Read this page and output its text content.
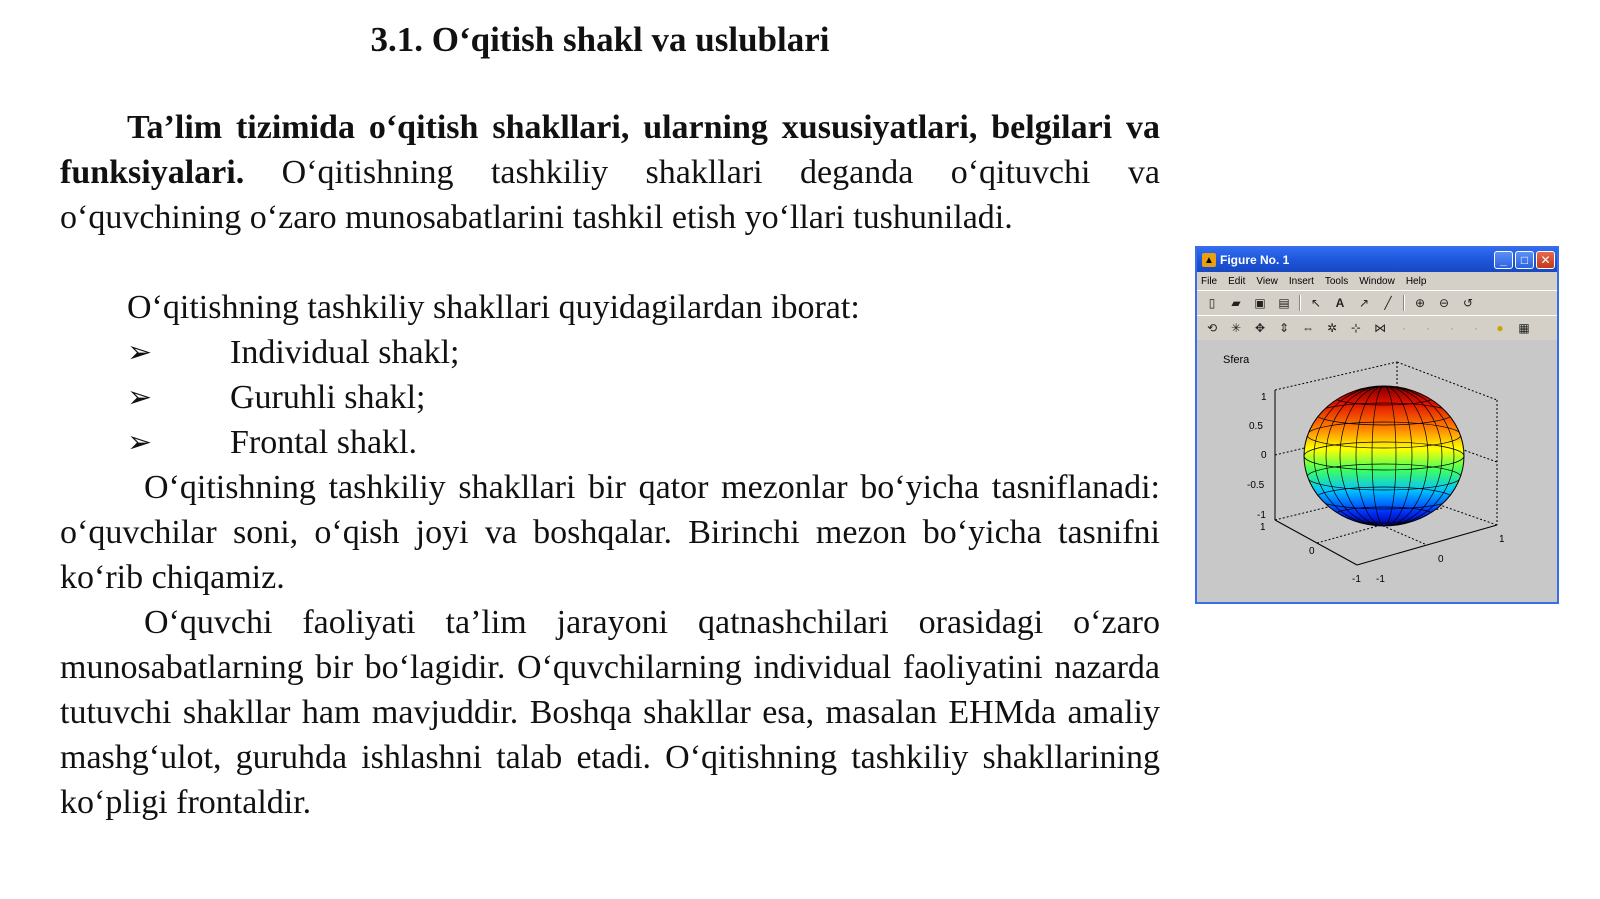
3.1. O‘qitish shakl va uslublari

Ta’lim tizimida o‘qitish shakllari, ularning xususiyatlari, belgilari va funksiyalari. O‘qitishning tashkiliy shakllari deganda o‘qituvchi va o‘quvchining o‘zaro munosabatlarini tashkil etish yo‘llari tushuniladi.

O‘qitishning tashkiliy shakllari quyidagilardan iborat:

➢ Individual shakl;
➢ Guruhli shakl;
➢ Frontal shakl.

O‘qitishning tashkiliy shakllari bir qator mezonlar bo‘yicha tasniflanadi: o‘quvchilar soni, o‘qish joyi va boshqalar. Birinchi mezon bo‘yicha tasnifni ko‘rib chiqamiz.

O‘quvchi faoliyati ta’lim jarayoni qatnashchilari orasidagi o‘zaro munosabatlarning bir bo‘lagidir. O‘quvchilarning individual faoliyatini nazarda tutuvchi shakllar ham mavjuddir. Boshqa shakllar esa, masalan EHMda amaliy mashg‘ulot, guruhda ishlashni talab etadi. O‘qitishning tashkiliy shakllarining ko‘pligi frontaldir.

▲ Figure No. 1	_	□	✕
File Edit View Insert Tools Window Help
▯	▰	▣ ▤	↖	A	↗	╱	⊕	⊖	↺
⟲	✳	✥	⇕	⇔	✲	⊹	⋈	·	·	·	·	●	▦
Sfera
1
0.5
0
-0.5
-1
-1
0
1
-1
0
1
